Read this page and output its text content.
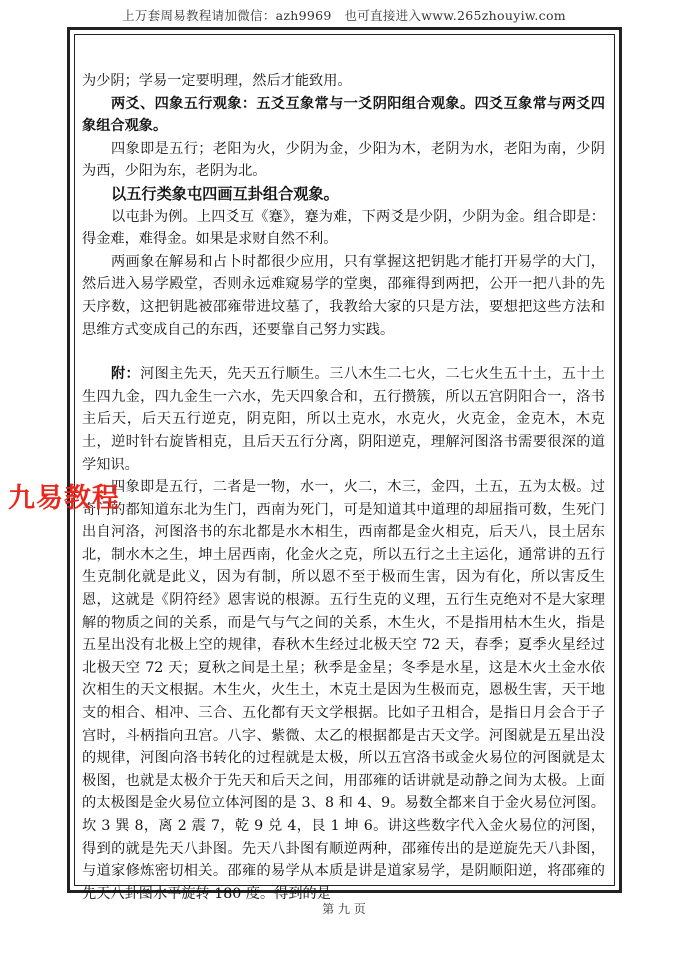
上万套周易教程请加微信：azh9969　也可直接进入www.265zhouyiw.com

为少阴；学易一定要明理，然后才能致用。

两爻、四象五行观象：五爻互象常与一爻阴阳组合观象。四爻互象常与两爻四象组合观象。

四象即是五行；老阳为火，少阴为金，少阳为木，老阴为水，老阳为南，少阴为西，少阳为东，老阴为北。

以五行类象屯四画互卦组合观象。

以屯卦为例。上四爻互《蹇》，蹇为难，下两爻是少阴，少阴为金。组合即是：得金难，难得金。如果是求财自然不利。

两画象在解易和占卜时都很少应用，只有掌握这把钥匙才能打开易学的大门，然后进入易学殿堂，否则永远难窥易学的堂奥，邵雍得到两把，公开一把八卦的先天序数，这把钥匙被邵雍带进坟墓了，我教给大家的只是方法，要想把这些方法和思维方式变成自己的东西，还要靠自己努力实践。

附：河图主先天，先天五行顺生。三八木生二七火，二七火生五十土，五十土生四九金，四九金生一六水，先天四象合和，五行攒簇，所以五宫阴阳合一，洛书主后天，后天五行逆克，阴克阳，所以土克水，水克火，火克金，金克木，木克土，逆时针右旋皆相克，且后天五行分离，阴阳逆克，理解河图洛书需要很深的道学知识。

四象即是五行，二者是一物，水一，火二，木三，金四，土五，五为太极。过奇门的都知道东北为生门，西南为死门，可是知道其中道理的却屈指可数，生死门出自河洛，河图洛书的东北都是水木相生，西南都是金火相克，后天八，艮土居东北，制水木之生，坤土居西南，化金火之克，所以五行之土主运化，通常讲的五行生克制化就是此义，因为有制，所以恩不至于极而生害，因为有化，所以害反生恩，这就是《阴符经》恩害说的根源。五行生克的义理，五行生克绝对不是大家理解的物质之间的关系，而是气与气之间的关系，木生火，不是指用枯木生火，指是五星出没有北极上空的规律，春秋木生经过北极天空 72 天，春季；夏季火星经过北极天空 72 天；夏秋之间是土星；秋季是金星；冬季是水星，这是木火土金水依次相生的天文根据。木生火，火生土，木克土是因为生极而克，恩极生害，天干地支的相合、相冲、三合、五化都有天文学根据。比如子丑相合，是指日月会合于子宫时，斗柄指向丑宫。八字、紫微、太乙的根据都是古天文学。河图就是五星出没的规律，河图向洛书转化的过程就是太极，所以五宫洛书或金火易位的河图就是太极图，也就是太极介于先天和后天之间，用邵雍的话讲就是动静之间为太极。上面的太极图是金火易位立体河图的是 3、8 和 4、9。易数全都来自于金火易位河图。坎 3 巽 8，离 2 震 7，乾 9 兑 4，艮 1 坤 6。讲这些数字代入金火易位的河图，得到的就是先天八卦图。先天八卦图有顺逆两种，邵雍传出的是逆旋先天八卦图，与道家修炼密切相关。邵雍的易学从本质是讲是道家易学，是阴顺阳逆，将邵雍的先天八卦图水平旋转 180 度。得到的是

九易教程
第 九 页
